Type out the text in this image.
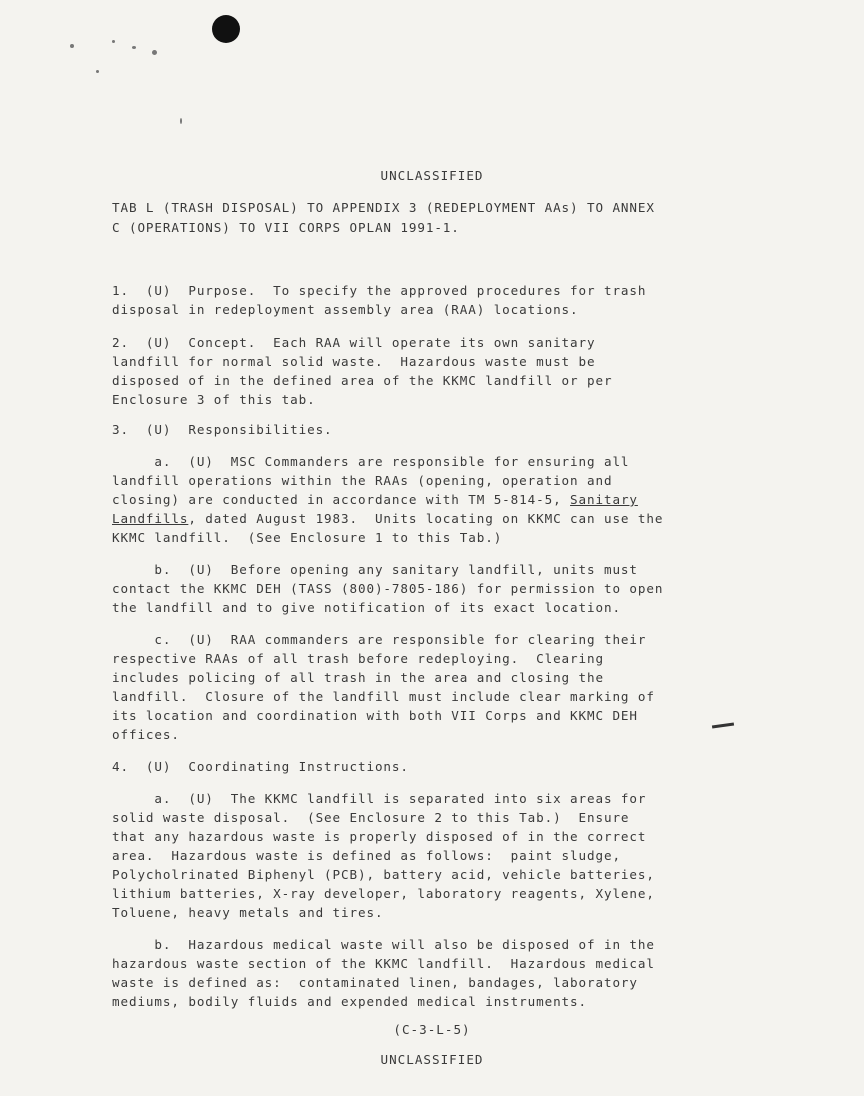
UNCLASSIFIED
TAB L (TRASH DISPOSAL) TO APPENDIX 3 (REDEPLOYMENT AAs) TO ANNEX
C (OPERATIONS) TO VII CORPS OPLAN 1991-1.
1.  (U)  Purpose.  To specify the approved procedures for trash
disposal in redeployment assembly area (RAA) locations.
2.  (U)  Concept.  Each RAA will operate its own sanitary
landfill for normal solid waste.  Hazardous waste must be
disposed of in the defined area of the KKMC landfill or per
Enclosure 3 of this tab.
3.  (U)  Responsibilities.
a.  (U)  MSC Commanders are responsible for ensuring all
landfill operations within the RAAs (opening, operation and
closing) are conducted in accordance with TM 5-814-5, Sanitary
Landfills, dated August 1983.  Units locating on KKMC can use the
KKMC landfill.  (See Enclosure 1 to this Tab.)
b.  (U)  Before opening any sanitary landfill, units must
contact the KKMC DEH (TASS (800)-7805-186) for permission to open
the landfill and to give notification of its exact location.
c.  (U)  RAA commanders are responsible for clearing their
respective RAAs of all trash before redeploying.  Clearing
includes policing of all trash in the area and closing the
landfill.  Closure of the landfill must include clear marking of
its location and coordination with both VII Corps and KKMC DEH
offices.
4.  (U)  Coordinating Instructions.
a.  (U)  The KKMC landfill is separated into six areas for
solid waste disposal.  (See Enclosure 2 to this Tab.)  Ensure
that any hazardous waste is properly disposed of in the correct
area.  Hazardous waste is defined as follows:  paint sludge,
Polycholrinated Biphenyl (PCB), battery acid, vehicle batteries,
lithium batteries, X-ray developer, laboratory reagents, Xylene,
Toluene, heavy metals and tires.
b.  Hazardous medical waste will also be disposed of in the
hazardous waste section of the KKMC landfill.  Hazardous medical
waste is defined as:  contaminated linen, bandages, laboratory
mediums, bodily fluids and expended medical instruments.
(C-3-L-5)
UNCLASSIFIED
